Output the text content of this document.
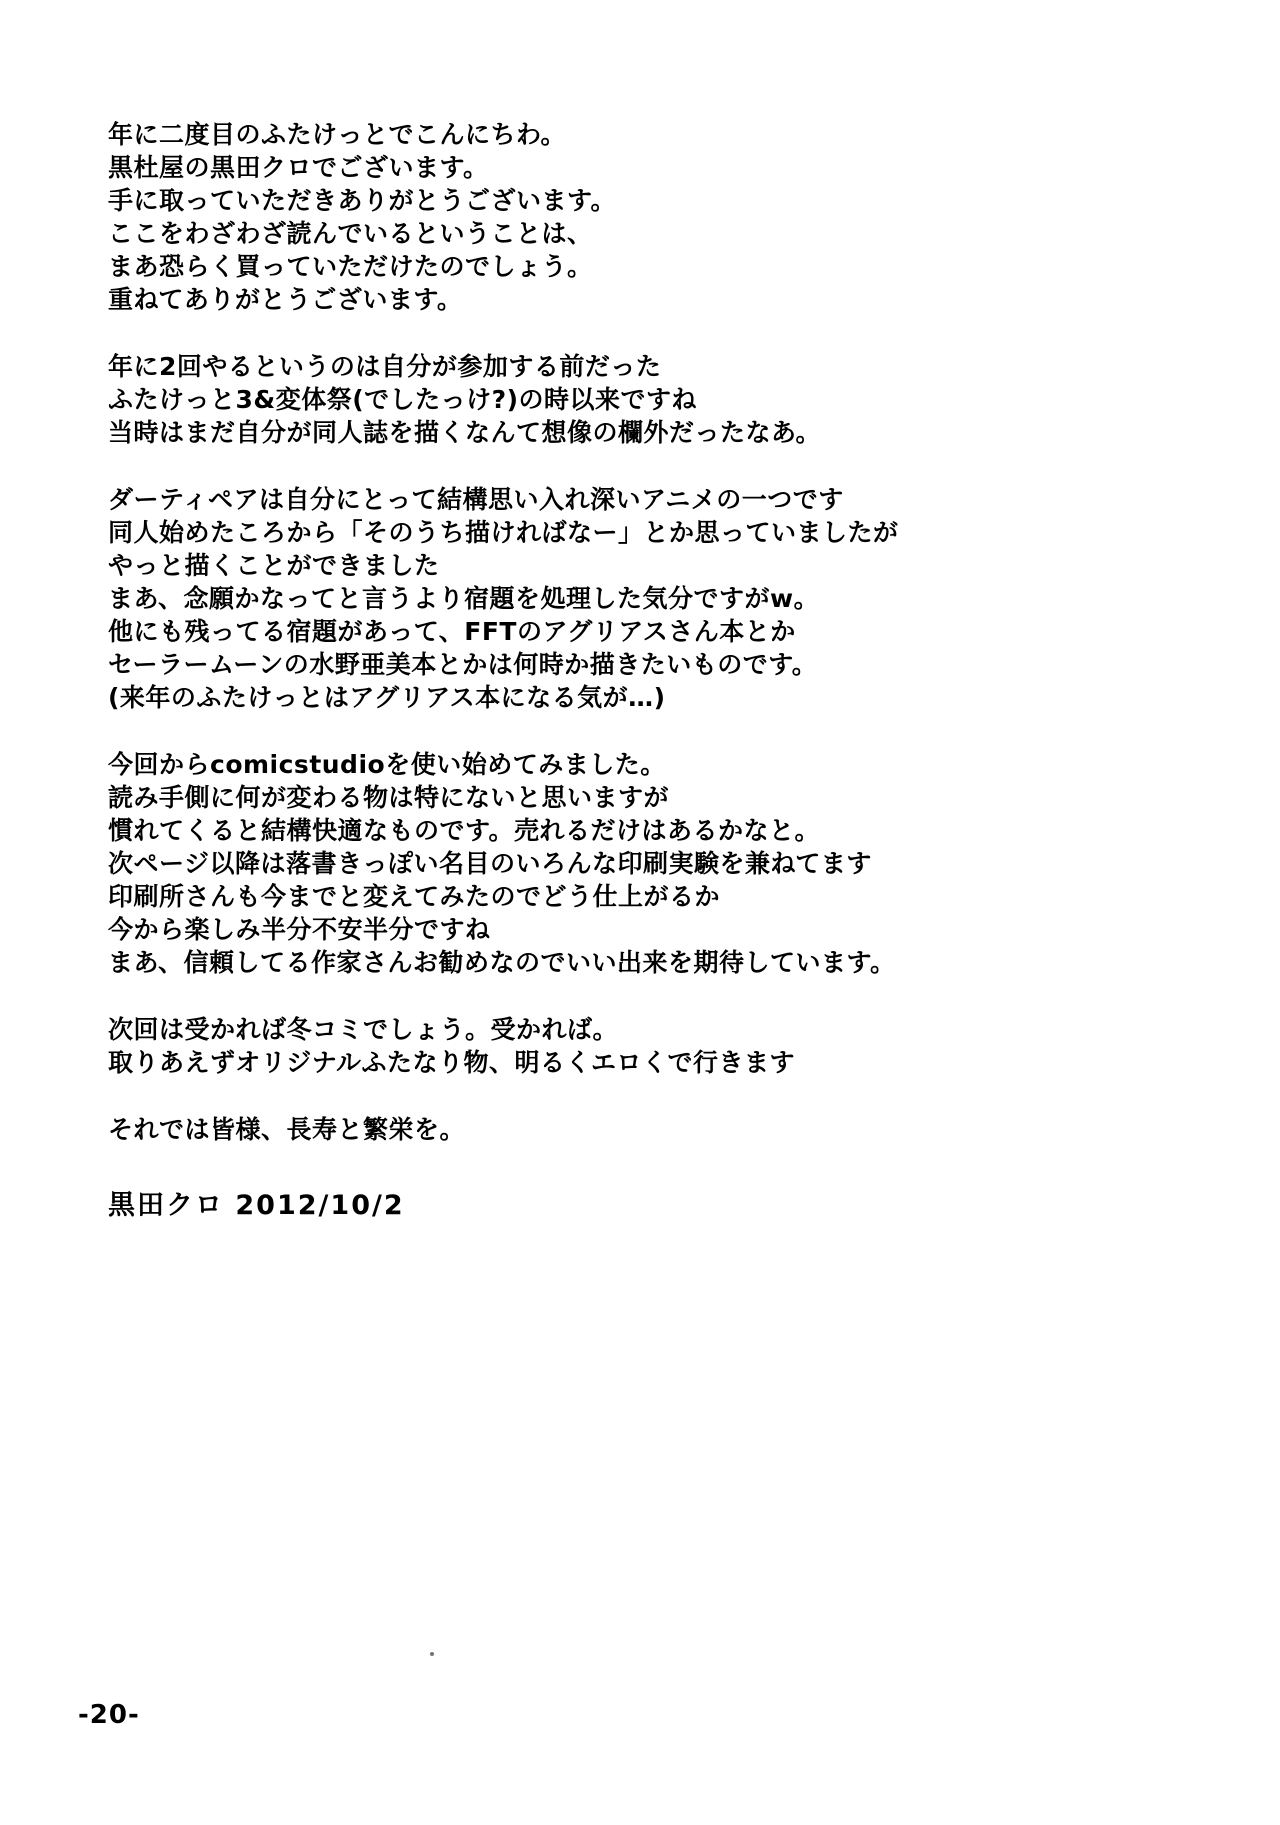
年に二度目のふたけっとでこんにちわ。
黒杜屋の黒田クロでございます。
手に取っていただきありがとうございます。
ここをわざわざ読んでいるということは、
まあ恐らく買っていただけたのでしょう。
重ねてありがとうございます。
年に2回やるというのは自分が参加する前だった
ふたけっと3&変体祭(でしたっけ?)の時以来ですね
当時はまだ自分が同人誌を描くなんて想像の欄外だったなあ。
ダーティペアは自分にとって結構思い入れ深いアニメの一つです
同人始めたころから「そのうち描ければなー」とか思っていましたが
やっと描くことができました
まあ、念願かなってと言うより宿題を処理した気分ですがw。
他にも残ってる宿題があって、FFTのアグリアスさん本とか
セーラームーンの水野亜美本とかは何時か描きたいものです。
(来年のふたけっとはアグリアス本になる気が…)
今回からcomicstudioを使い始めてみました。
読み手側に何が変わる物は特にないと思いますが
慣れてくると結構快適なものです。売れるだけはあるかなと。
次ページ以降は落書きっぽい名目のいろんな印刷実験を兼ねてます
印刷所さんも今までと変えてみたのでどう仕上がるか
今から楽しみ半分不安半分ですね
まあ、信頼してる作家さんお勧めなのでいい出来を期待しています。
次回は受かれば冬コミでしょう。受かれば。
取りあえずオリジナルふたなり物、明るくエロくで行きます
それでは皆様、長寿と繁栄を。
黒田クロ 2012/10/2
-20-
